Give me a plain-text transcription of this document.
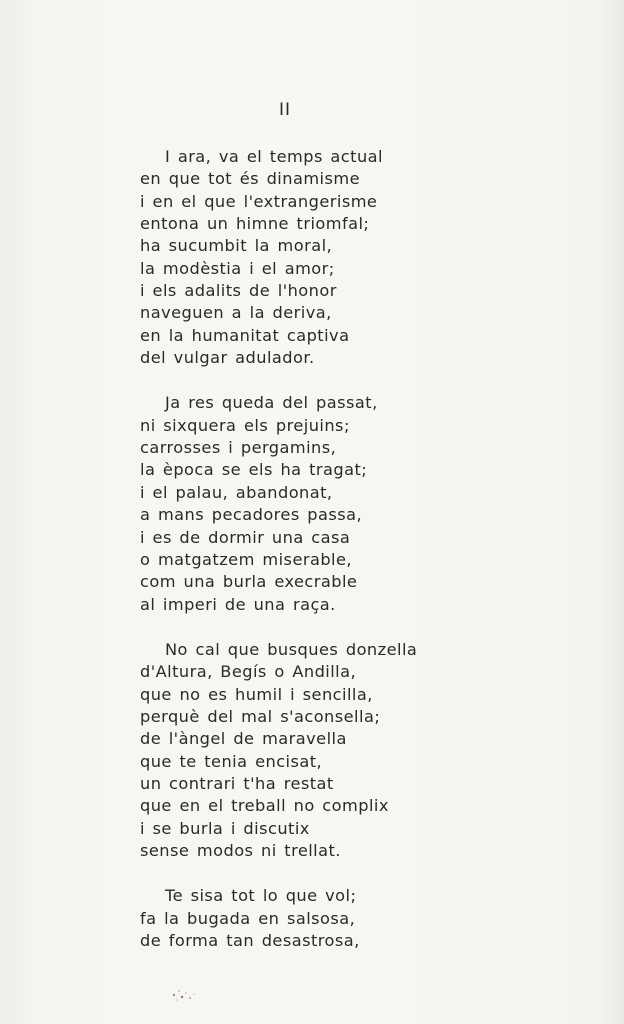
II
I ara, va el temps actual
en que tot és dinamisme
i en el que l'extrangerisme
entona un himne triomfal;
ha sucumbit la moral,
la modèstia i el amor;
i els adalits de l'honor
naveguen a la deriva,
en la humanitat captiva
del vulgar adulador.
Ja res queda del passat,
ni sixquera els prejuins;
carrosses i pergamins,
la època se els ha tragat;
i el palau, abandonat,
a mans pecadores passa,
i es de dormir una casa
o matgatzem miserable,
com una burla execrable
al imperi de una raça.
No cal que busques donzella
d'Altura, Begís o Andilla,
que no es humil i sencilla,
perquè del mal s'aconsella;
de l'àngel de maravella
que te tenia encisat,
un contrari t'ha restat
que en el treball no complix
i se burla i discutix
sense modos ni trellat.
Te sisa tot lo que vol;
fa la bugada en salsosa,
de forma tan desastrosa,
